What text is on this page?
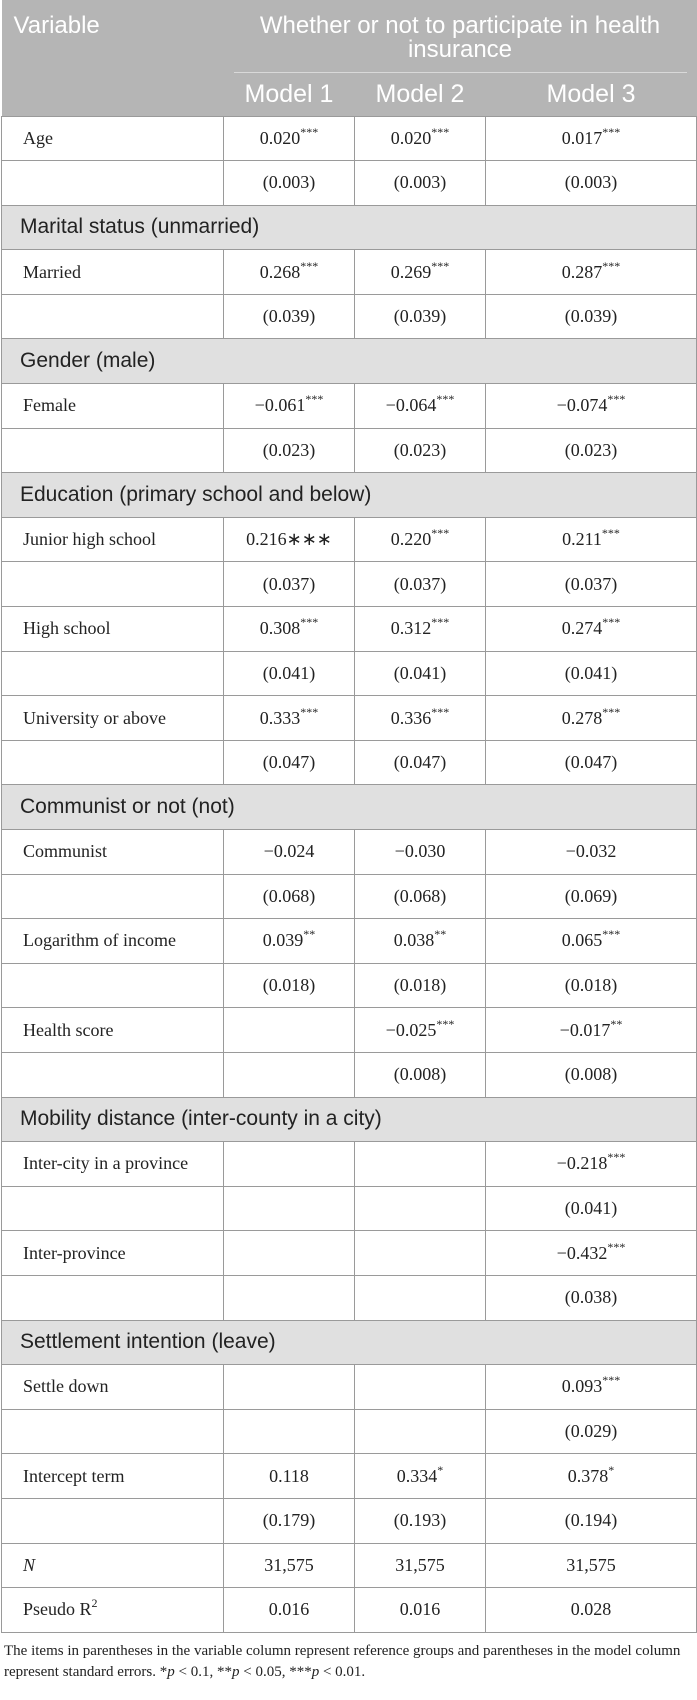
Variable	Whether or not to participate in health insurance		

	Model 1	Model 2	Model 3
Age	0.020***	0.020***	0.017***
	(0.003)	(0.003)	(0.003)
Marital status (unmarried)			
Married	0.268***	0.269***	0.287***
	(0.039)	(0.039)	(0.039)
Gender (male)			
Female	−0.061***	−0.064***	−0.074***
	(0.023)	(0.023)	(0.023)
Education (primary school and below)			
Junior high school	0.216∗∗∗	0.220***	0.211***
	(0.037)	(0.037)	(0.037)
High school	0.308***	0.312***	0.274***
	(0.041)	(0.041)	(0.041)
University or above	0.333***	0.336***	0.278***
	(0.047)	(0.047)	(0.047)
Communist or not (not)			
Communist	−0.024	−0.030	−0.032
	(0.068)	(0.068)	(0.069)
Logarithm of income	0.039**	0.038**	0.065***
	(0.018)	(0.018)	(0.018)
Health score		−0.025***	−0.017**
		(0.008)	(0.008)
Mobility distance (inter-county in a city)			
Inter-city in a province			−0.218***
			(0.041)
Inter-province			−0.432***
			(0.038)
Settlement intention (leave)			
Settle down			0.093***
			(0.029)
Intercept term	0.118	0.334*	0.378*
	(0.179)	(0.193)	(0.194)
N	31,575	31,575	31,575
Pseudo $R^2$	0.016	0.016	0.028
The items in parentheses in the variable column represent reference groups and parentheses in the model column represent standard errors. *p < 0.1, **p < 0.05, ***p < 0.01.
